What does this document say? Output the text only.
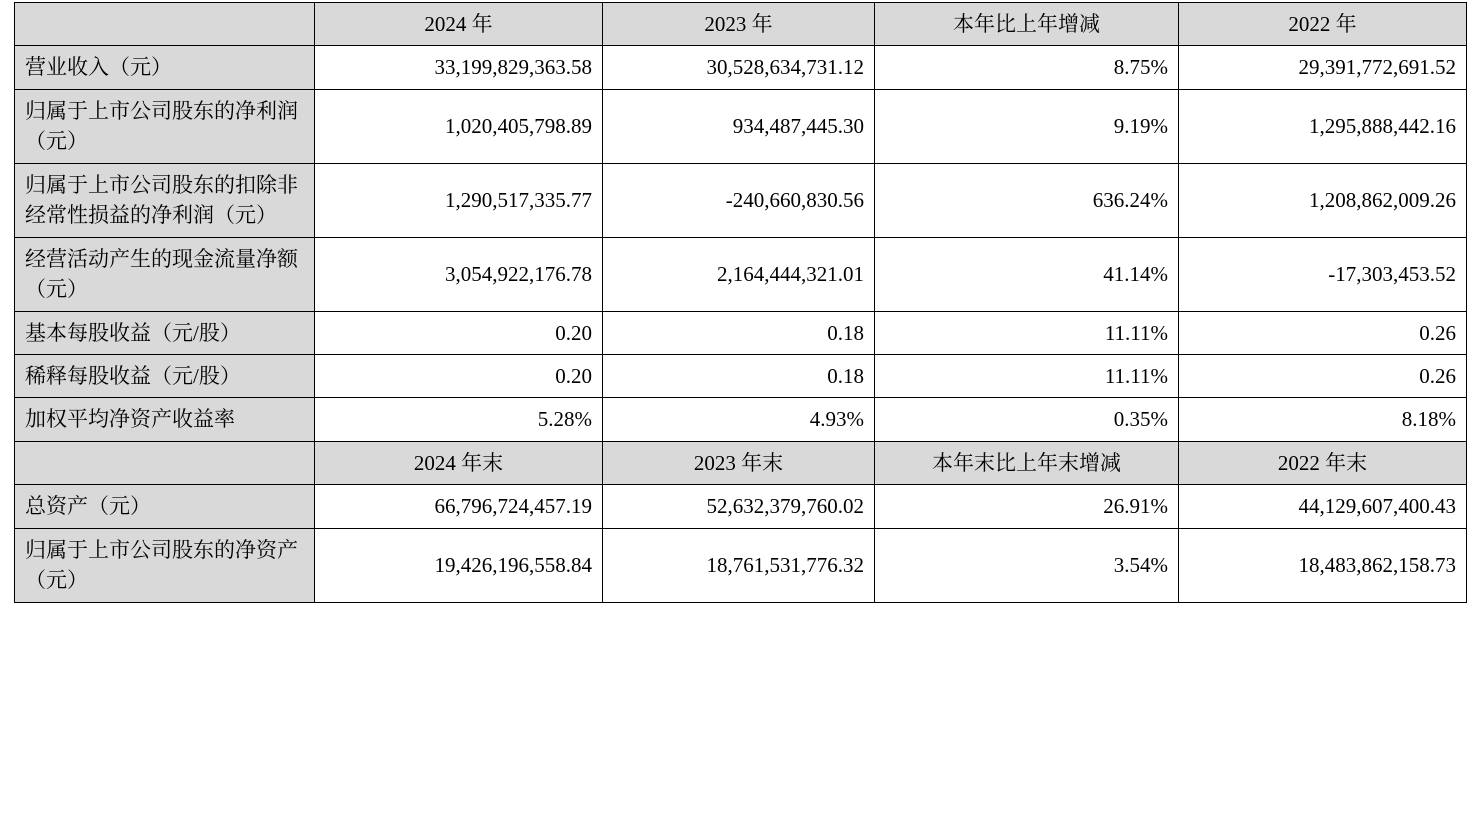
	2024 年	2023 年	本年比上年增减	2022 年
营业收入（元）	33,199,829,363.58	30,528,634,731.12	8.75%	29,391,772,691.52
归属于上市公司股东的净利润（元）	1,020,405,798.89	934,487,445.30	9.19%	1,295,888,442.16
归属于上市公司股东的扣除非经常性损益的净利润（元）	1,290,517,335.77	-240,660,830.56	636.24%	1,208,862,009.26
经营活动产生的现金流量净额（元）	3,054,922,176.78	2,164,444,321.01	41.14%	-17,303,453.52
基本每股收益（元/股）	0.20	0.18	11.11%	0.26
稀释每股收益（元/股）	0.20	0.18	11.11%	0.26
加权平均净资产收益率	5.28%	4.93%	0.35%	8.18%
	2024 年末	2023 年末	本年末比上年末增减	2022 年末
总资产（元）	66,796,724,457.19	52,632,379,760.02	26.91%	44,129,607,400.43
归属于上市公司股东的净资产（元）	19,426,196,558.84	18,761,531,776.32	3.54%	18,483,862,158.73
